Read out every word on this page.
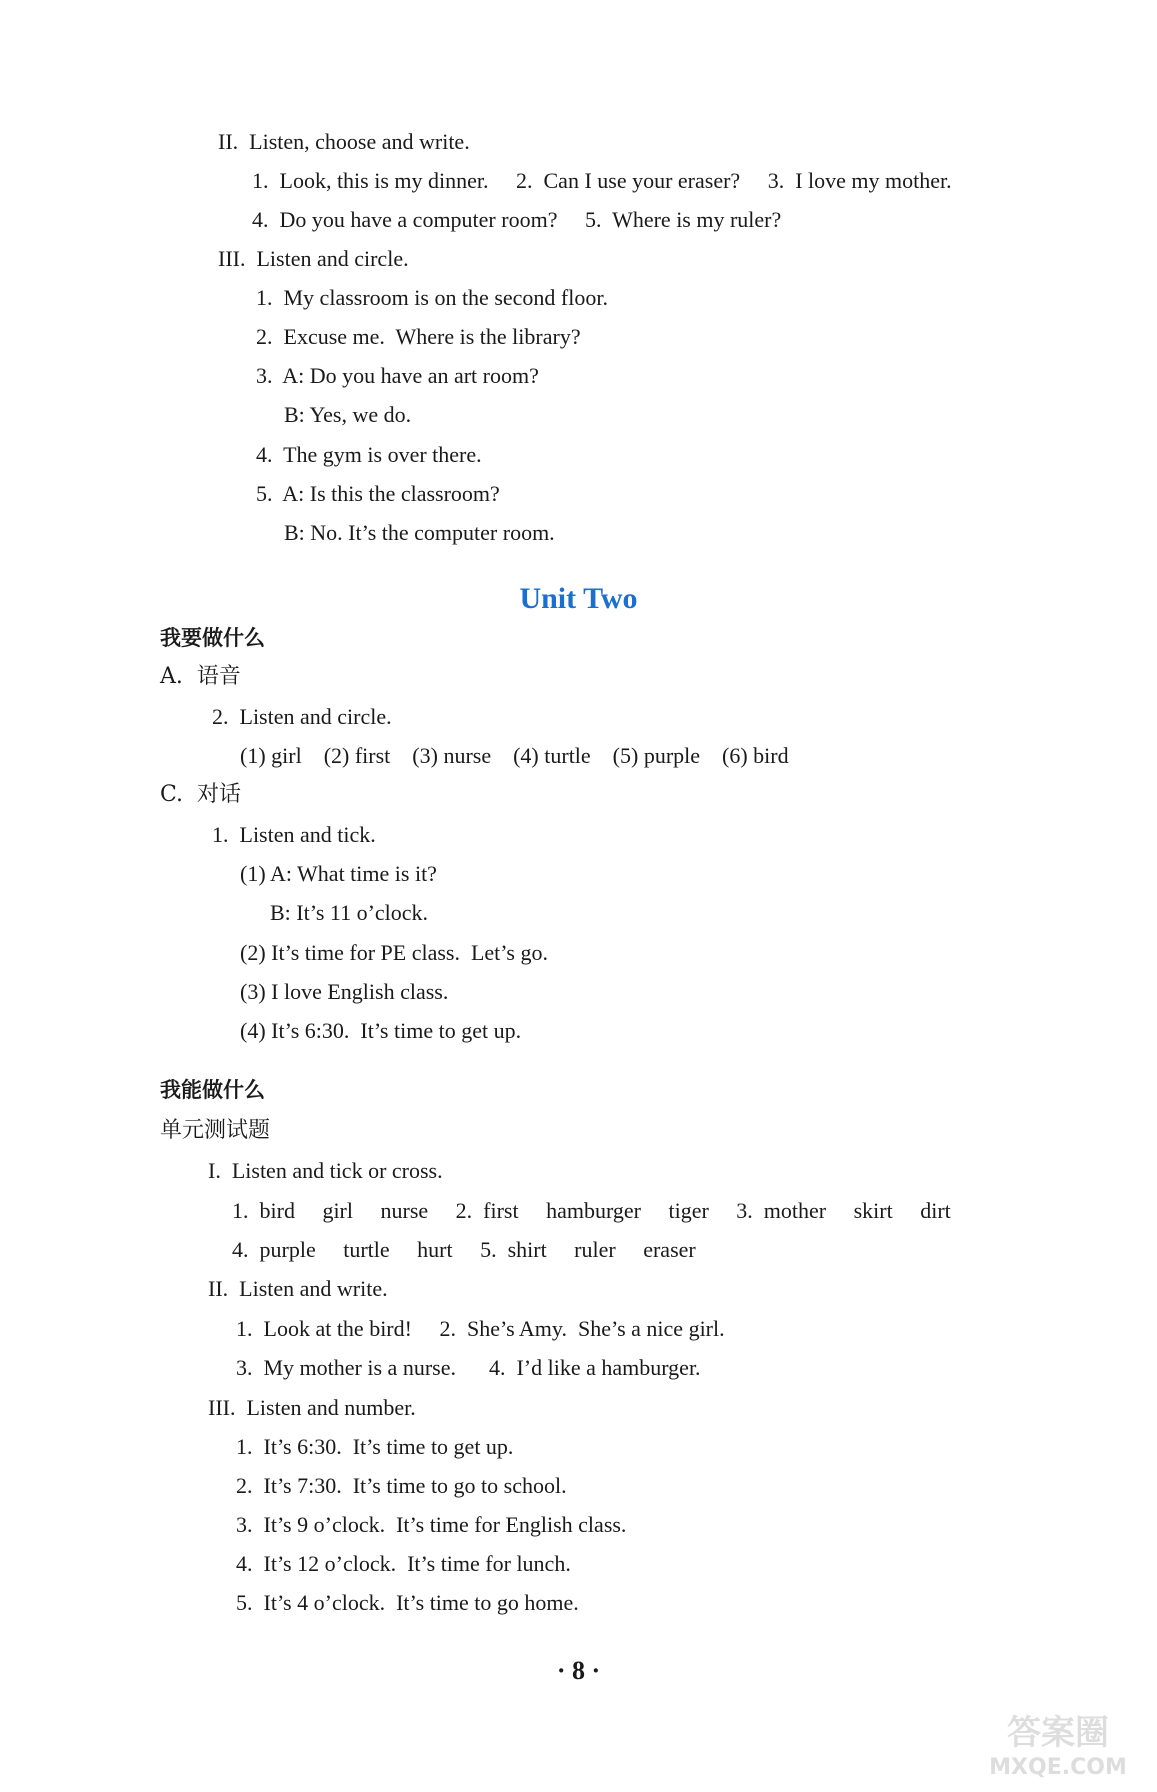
II.  Listen, choose and write.
1.  Look, this is my dinner.     2.  Can I use your eraser?     3.  I love my mother.
4.  Do you have a computer room?     5.  Where is my ruler?
III.  Listen and circle.
1.  My classroom is on the second floor.
2.  Excuse me.  Where is the library?
3.  A: Do you have an art room?
B: Yes, we do.
4.  The gym is over there.
5.  A: Is this the classroom?
B: No. It’s the computer room.
Unit Two
我要做什么
A.  语音
2.  Listen and circle.
(1) girl    (2) first    (3) nurse    (4) turtle    (5) purple    (6) bird
C.  对话
1.  Listen and tick.
(1) A: What time is it?
B: It’s 11 o’clock.
(2) It’s time for PE class.  Let’s go.
(3) I love English class.
(4) It’s 6:30.  It’s time to get up.
我能做什么
单元测试题
I.  Listen and tick or cross.
1.  bird     girl     nurse     2.  first     hamburger     tiger     3.  mother     skirt     dirt
4.  purple     turtle     hurt     5.  shirt     ruler     eraser
II.  Listen and write.
1.  Look at the bird!     2.  She’s Amy.  She’s a nice girl.
3.  My mother is a nurse.      4.  I’d like a hamburger.
III.  Listen and number.
1.  It’s 6:30.  It’s time to get up.
2.  It’s 7:30.  It’s time to go to school.
3.  It’s 9 o’clock.  It’s time for English class.
4.  It’s 12 o’clock.  It’s time for lunch.
5.  It’s 4 o’clock.  It’s time to go home.
· 8 ·
答案圈
MXQE.COM
